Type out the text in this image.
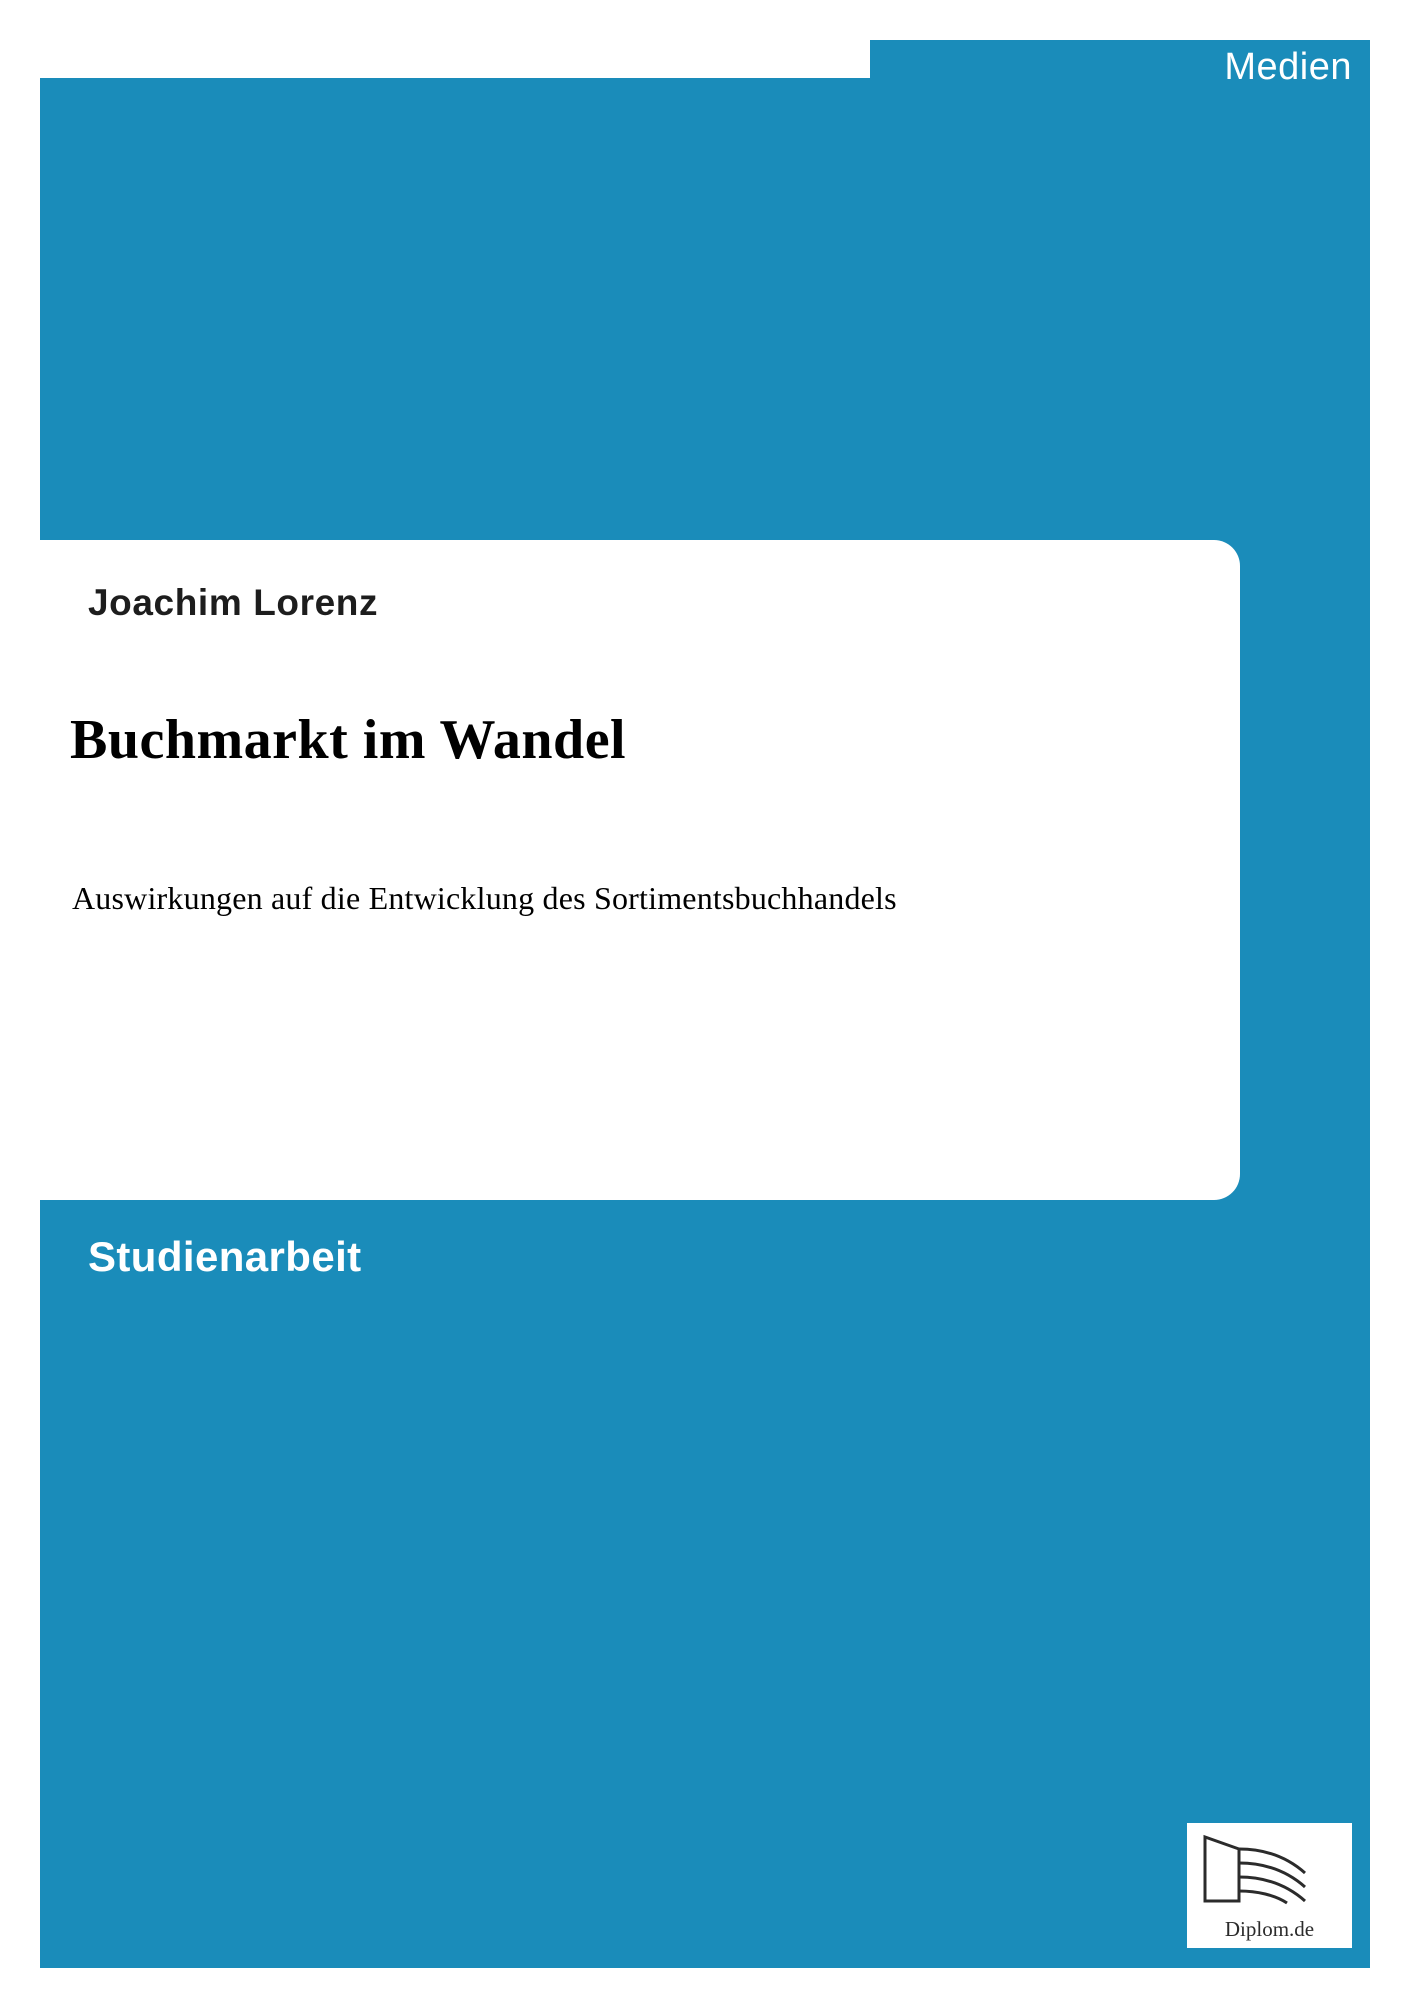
Medien
Joachim Lorenz
Buchmarkt im Wandel
Auswirkungen auf die Entwicklung des Sortimentsbuchhandels
Studienarbeit
Diplom.de
